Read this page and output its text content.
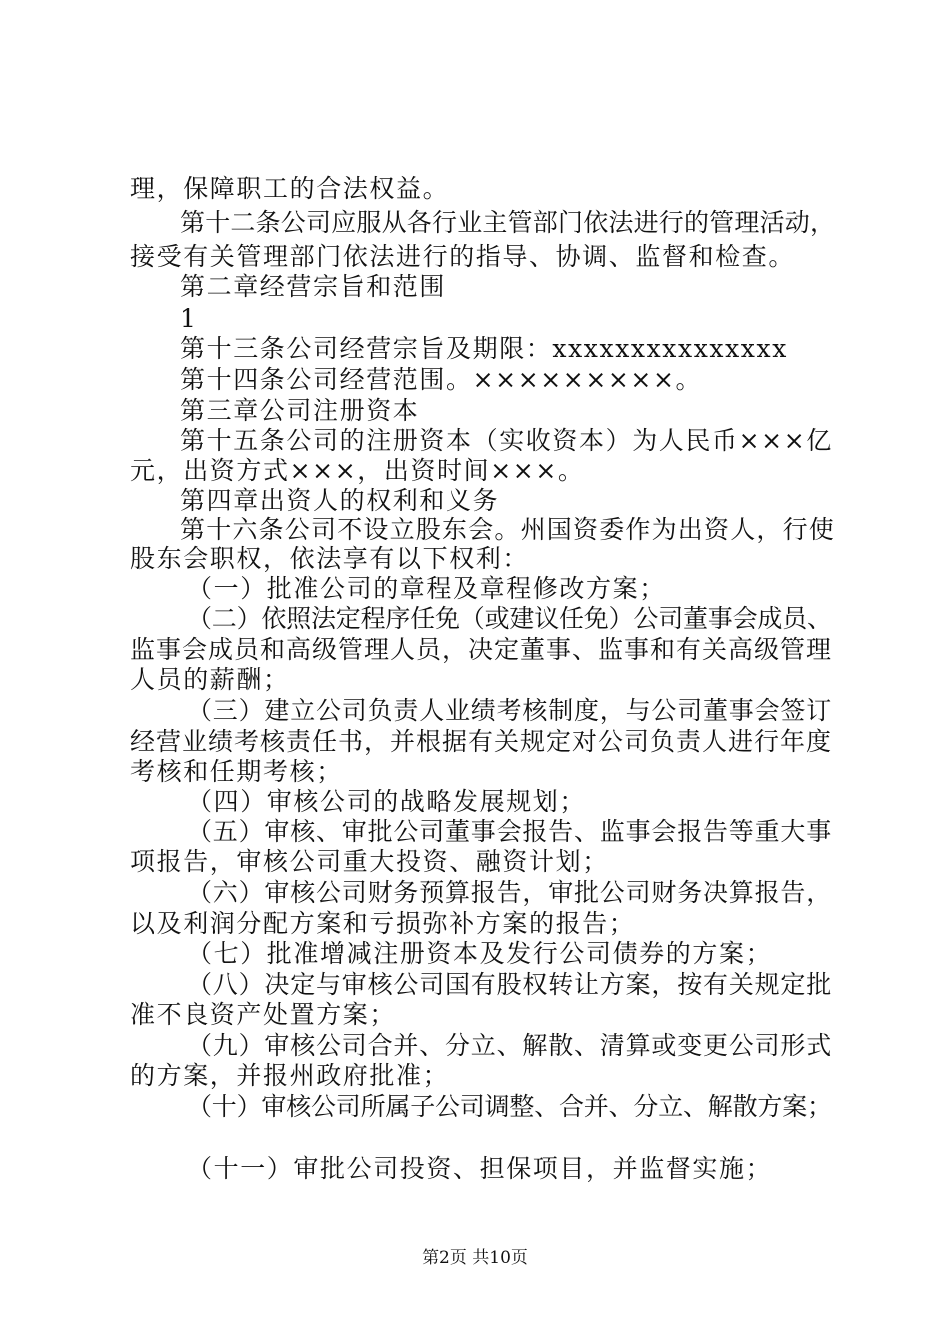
理，保障职工的合法权益。
第十二条公司应服从各行业主管部门依法进行的管理活动，
接受有关管理部门依法进行的指导、协调、监督和检查。
第二章经营宗旨和范围
1
第十三条公司经营宗旨及期限：xxxxxxxxxxxxxxx
第十四条公司经营范围。×××××××××。
第三章公司注册资本
第十五条公司的注册资本（实收资本）为人民币×××亿
元，出资方式×××，出资时间×××。
第四章出资人的权利和义务
第十六条公司不设立股东会。州国资委作为出资人，行使
股东会职权，依法享有以下权利：
（一）批准公司的章程及章程修改方案；
（二）依照法定程序任免（或建议任免）公司董事会成员、
监事会成员和高级管理人员，决定董事、监事和有关高级管理
人员的薪酬；
（三）建立公司负责人业绩考核制度，与公司董事会签订
经营业绩考核责任书，并根据有关规定对公司负责人进行年度
考核和任期考核；
（四）审核公司的战略发展规划；
（五）审核、审批公司董事会报告、监事会报告等重大事
项报告，审核公司重大投资、融资计划；
（六）审核公司财务预算报告，审批公司财务决算报告，
以及利润分配方案和亏损弥补方案的报告；
（七）批准增减注册资本及发行公司债券的方案；
（八）决定与审核公司国有股权转让方案，按有关规定批
准不良资产处置方案；
（九）审核公司合并、分立、解散、清算或变更公司形式
的方案，并报州政府批准；
（十）审核公司所属子公司调整、合并、分立、解散方案；
（十一）审批公司投资、担保项目，并监督实施；
第2页 共10页
